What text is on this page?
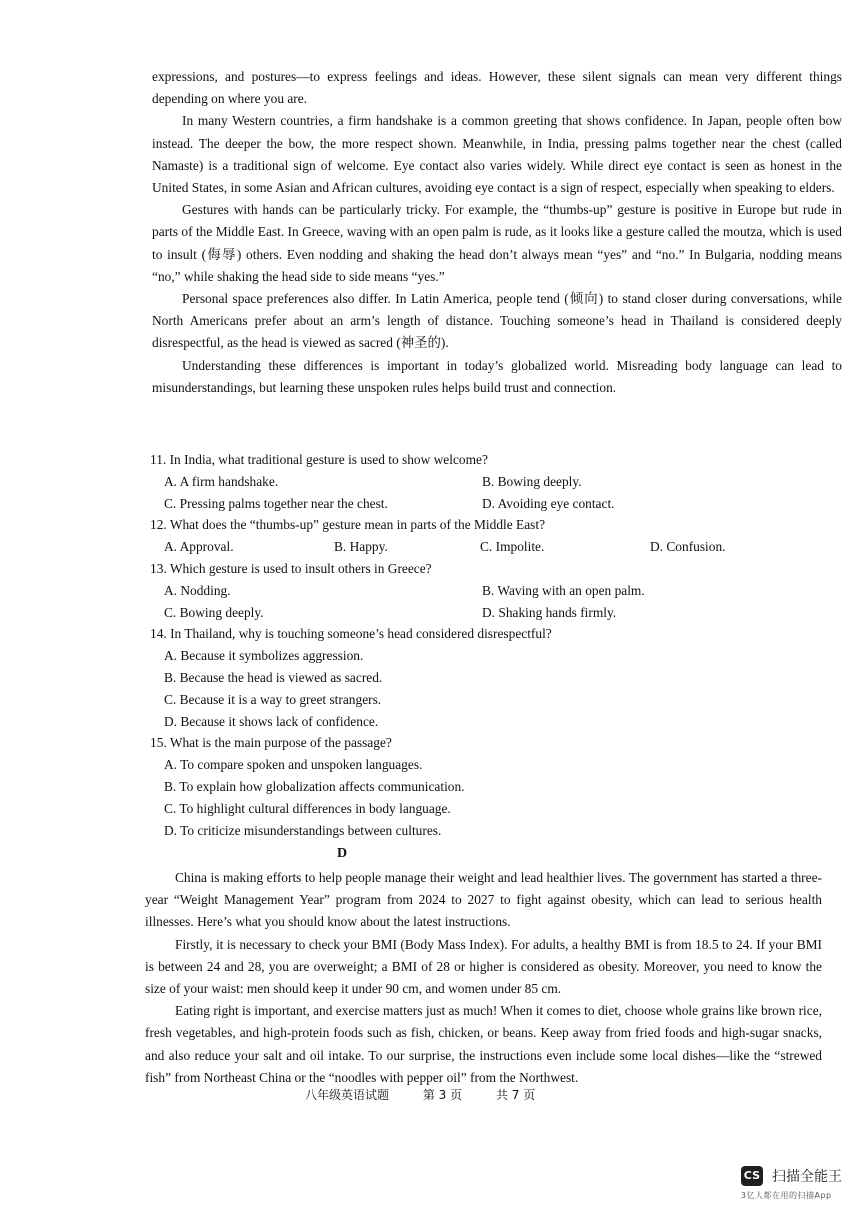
expressions, and postures—to express feelings and ideas. However, these silent signals can mean very different things depending on where you are.

In many Western countries, a firm handshake is a common greeting that shows confidence. In Japan, people often bow instead. The deeper the bow, the more respect shown. Meanwhile, in India, pressing palms together near the chest (called Namaste) is a traditional sign of welcome. Eye contact also varies widely. While direct eye contact is seen as honest in the United States, in some Asian and African cultures, avoiding eye contact is a sign of respect, especially when speaking to elders.

Gestures with hands can be particularly tricky. For example, the “thumbs-up” gesture is positive in Europe but rude in parts of the Middle East. In Greece, waving with an open palm is rude, as it looks like a gesture called the moutza, which is used to insult (侮辱) others. Even nodding and shaking the head don’t always mean “yes” and “no.” In Bulgaria, nodding means “no,” while shaking the head side to side means “yes.”

Personal space preferences also differ. In Latin America, people tend (倾向) to stand closer during conversations, while North Americans prefer about an arm’s length of distance. Touching someone’s head in Thailand is considered deeply disrespectful, as the head is viewed as sacred (神圣的).

Understanding these differences is important in today’s globalized world. Misreading body language can lead to misunderstandings, but learning these unspoken rules helps build trust and connection.

11. In India, what traditional gesture is used to show welcome?

A. A firm handshake.	B. Bowing deeply.
C. Pressing palms together near the chest.	D. Avoiding eye contact.

12. What does the “thumbs-up” gesture mean in parts of the Middle East?

A. Approval.	B. Happy.	C. Impolite.	D. Confusion.

13. Which gesture is used to insult others in Greece?

A. Nodding.	B. Waving with an open palm.
C. Bowing deeply.	D. Shaking hands firmly.

14. In Thailand, why is touching someone’s head considered disrespectful?

A. Because it symbolizes aggression.
B. Because the head is viewed as sacred.
C. Because it is a way to greet strangers.
D. Because it shows lack of confidence.

15. What is the main purpose of the passage?

A. To compare spoken and unspoken languages.
B. To explain how globalization affects communication.
C. To highlight cultural differences in body language.
D. To criticize misunderstandings between cultures.
D

China is making efforts to help people manage their weight and lead healthier lives. The government has started a three-year “Weight Management Year” program from 2024 to 2027 to fight against obesity, which can lead to serious health illnesses. Here’s what you should know about the latest instructions.

Firstly, it is necessary to check your BMI (Body Mass Index). For adults, a healthy BMI is from 18.5 to 24. If your BMI is between 24 and 28, you are overweight; a BMI of 28 or higher is considered as obesity. Moreover, you need to know the size of your waist: men should keep it under 90 cm, and women under 85 cm.

Eating right is important, and exercise matters just as much! When it comes to diet, choose whole grains like brown rice, fresh vegetables, and high-protein foods such as fish, chicken, or beans. Keep away from fried foods and high-sugar snacks, and also reduce your salt and oil intake. To our surprise, the instructions even include some local dishes—like the “strewed fish” from Northeast China or the “noodles with pepper oil” from the Northwest.

八年级英语试题	第 3 页	共 7 页
CS 扫描全能王
3亿人都在用的扫描App
